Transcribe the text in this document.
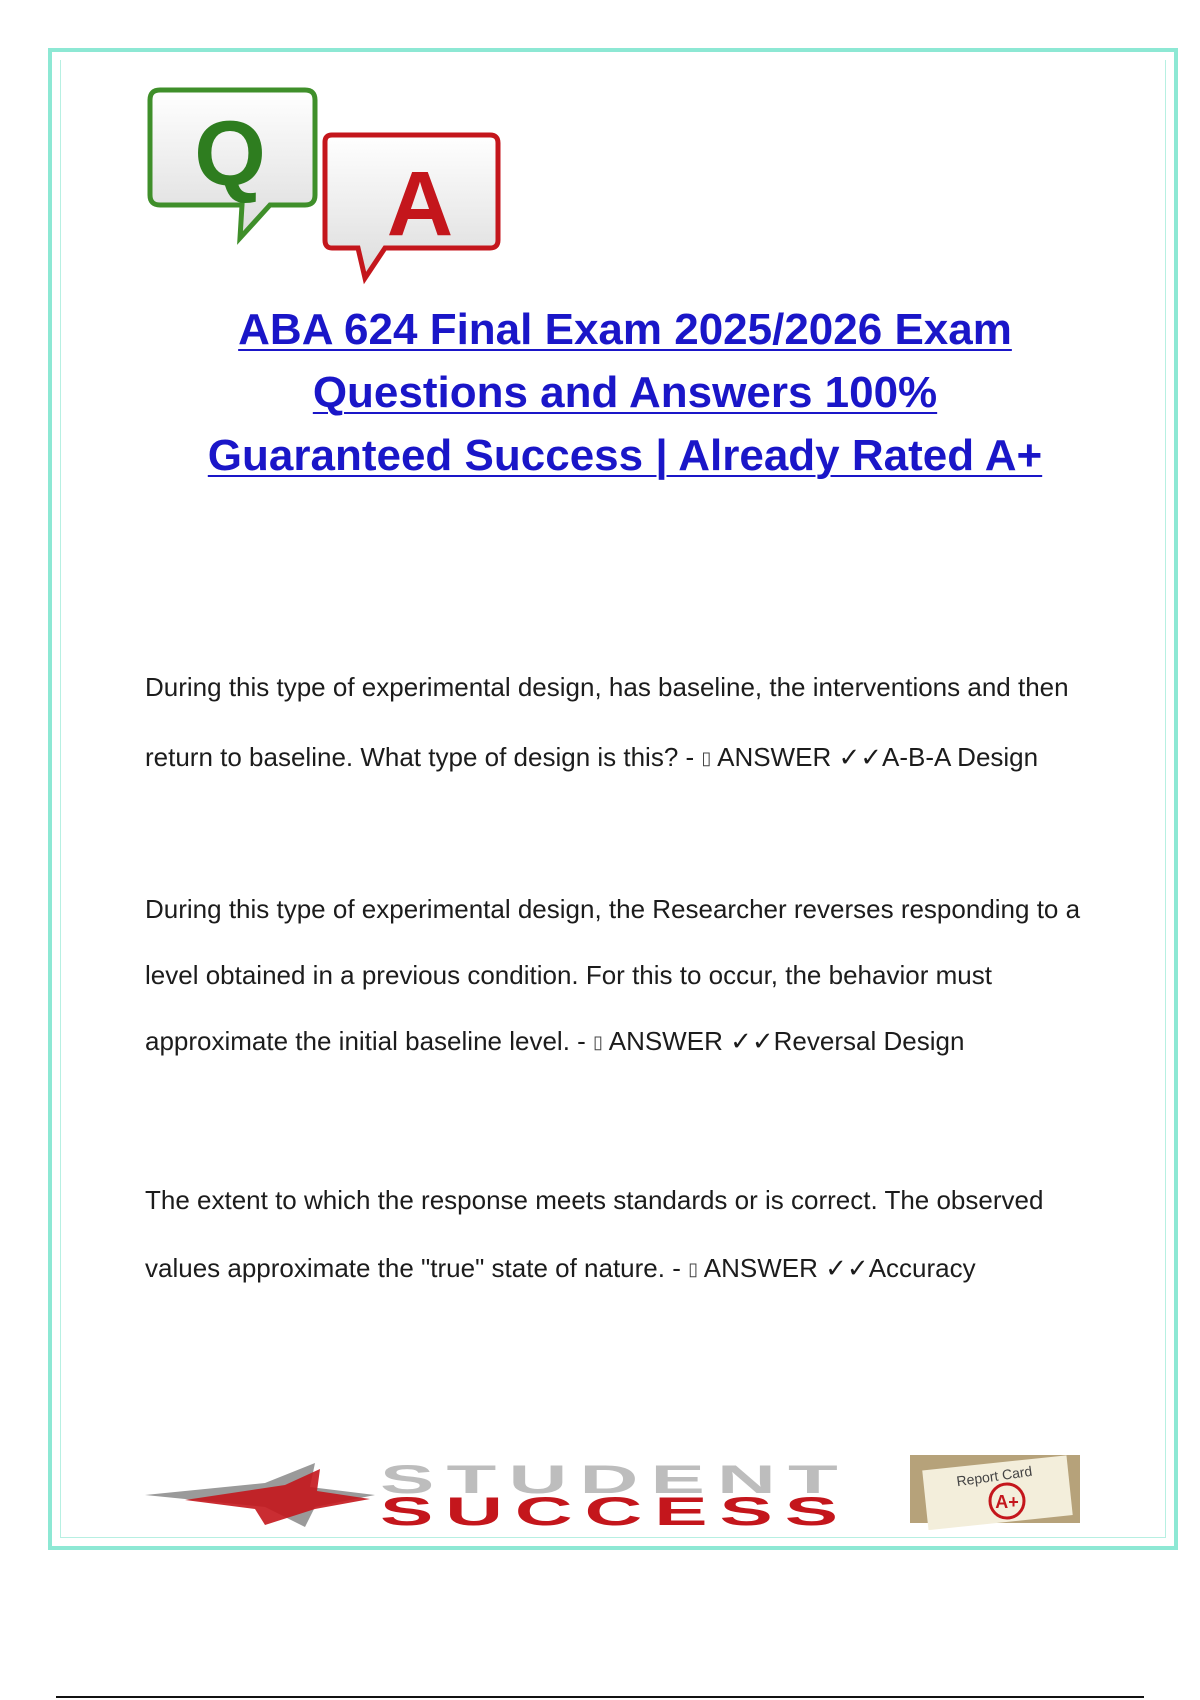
A
Q
ABA 624 Final Exam 2025/2026 Exam
Questions and Answers 100%
Guaranteed Success | Already Rated A+
During this type of experimental design, has baseline, the interventions and then return to baseline. What type of design is this? - ▯ ANSWER ✓✓A-B-A Design
During this type of experimental design, the Researcher reverses responding to a level obtained in a previous condition. For this to occur, the behavior must approximate the initial baseline level. - ▯ ANSWER ✓✓Reversal Design
The extent to which the response meets standards or is correct. The observed values approximate the "true" state of nature. - ▯ ANSWER ✓✓Accuracy
STUDENT
SUCCESS
Report Card
A+
